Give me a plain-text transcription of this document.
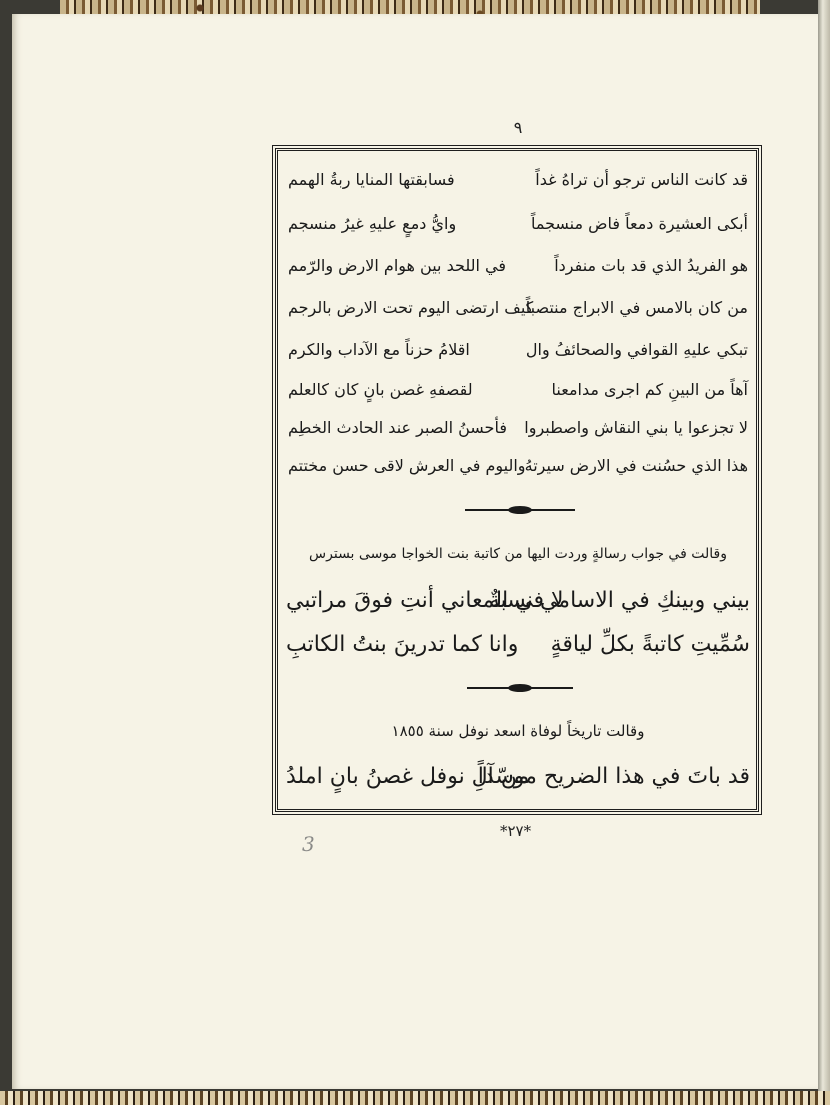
٩
قد كانت الناس ترجو أن تراهُ غداً
فسابقتها المنايا ربةُ الهمم
أبكى العشيرة دمعاً فاض منسجماً
وايُّ دمعٍ عليهِ غيرُ منسجم
هو الفريدُ الذي قد بات منفرداً
في اللحد بين هوام الارض والرّمم
من كان بالامس في الابراج منتصباً
كيف ارتضى اليوم تحت الارض بالرجم
تبكي عليهِ القوافي والصحائفُ وال
اقلامُ حزناً مع الآداب والكرم
آهاً من البينِ كم اجرى مدامعنا
لقصفهِ غصن بانٍ كان كالعلم
لا تجزعوا يا بني النقاش واصطبروا
فأحسنُ الصبر عند الحادث الخطِم
هذا الذي حسُنت في الارض سيرتهُ
واليوم في العرش لاقى حسن مختتم
وقالت في جواب رسالةٍ وردت اليها من كاتبة بنت الخواجا موسى بسترس
بيني وبينكِ في الاسامي نسبةٌ
لا في المعاني أنتِ فوقَ مراتبي
سُمِّيتِ كاتبةً بكلِّ لياقةٍ
وانا كما تدرينَ بنتُ الكاتبِ
وقالت تاريخاً لوفاة اسعد نوفل سنة ١٨٥٥
قد باتَ في هذا الضريح موسّداً
من آلِ نوفل غصنُ بانٍ املدُ
*٢٧*
3
